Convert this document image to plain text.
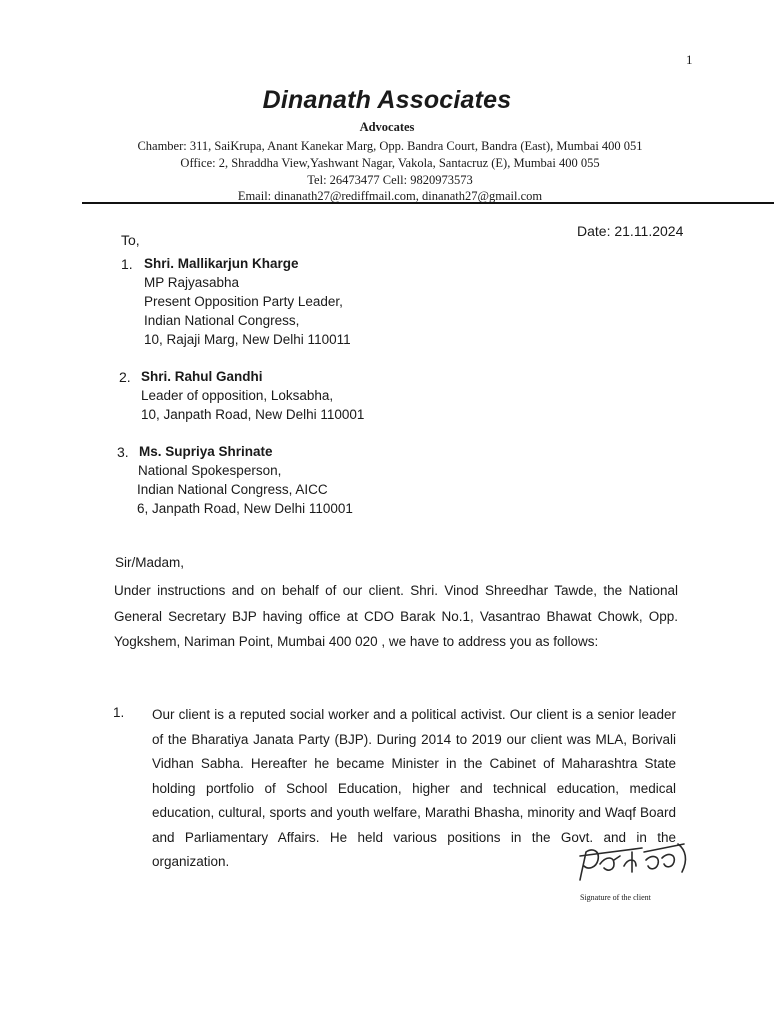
1
Dinanath Associates
Advocates
Chamber: 311, SaiKrupa, Anant Kanekar Marg, Opp. Bandra Court, Bandra (East), Mumbai 400 051
Office: 2, Shraddha View,Yashwant Nagar, Vakola, Santacruz (E), Mumbai 400 055
Tel: 26473477 Cell: 9820973573
Email: dinanath27@rediffmail.com, dinanath27@gmail.com
Date: 21.11.2024
To,
1. Shri. Mallikarjun Kharge
MP Rajyasabha
Present Opposition Party Leader,
Indian National Congress,
10, Rajaji Marg, New Delhi 110011
2. Shri. Rahul Gandhi
Leader of opposition, Loksabha,
10, Janpath Road, New Delhi 110001
3. Ms. Supriya Shrinate
National Spokesperson,
Indian National Congress, AICC
6, Janpath Road, New Delhi 110001
Sir/Madam,
Under instructions and on behalf of our client. Shri. Vinod Shreedhar Tawde, the National General Secretary BJP having office at CDO Barak No.1, Vasantrao Bhawat Chowk, Opp. Yogkshem, Nariman Point, Mumbai 400 020 , we have to address you as follows:
1. Our client is a reputed social worker and a political activist. Our client is a senior leader of the Bharatiya Janata Party (BJP). During 2014 to 2019 our client was MLA, Borivali Vidhan Sabha. Hereafter he became Minister in the Cabinet of Maharashtra State holding portfolio of School Education, higher and technical education, medical education, cultural, sports and youth welfare, Marathi Bhasha, minority and Waqf Board and Parliamentary Affairs. He held various positions in the Govt. and in the organization.
Signature of the client
